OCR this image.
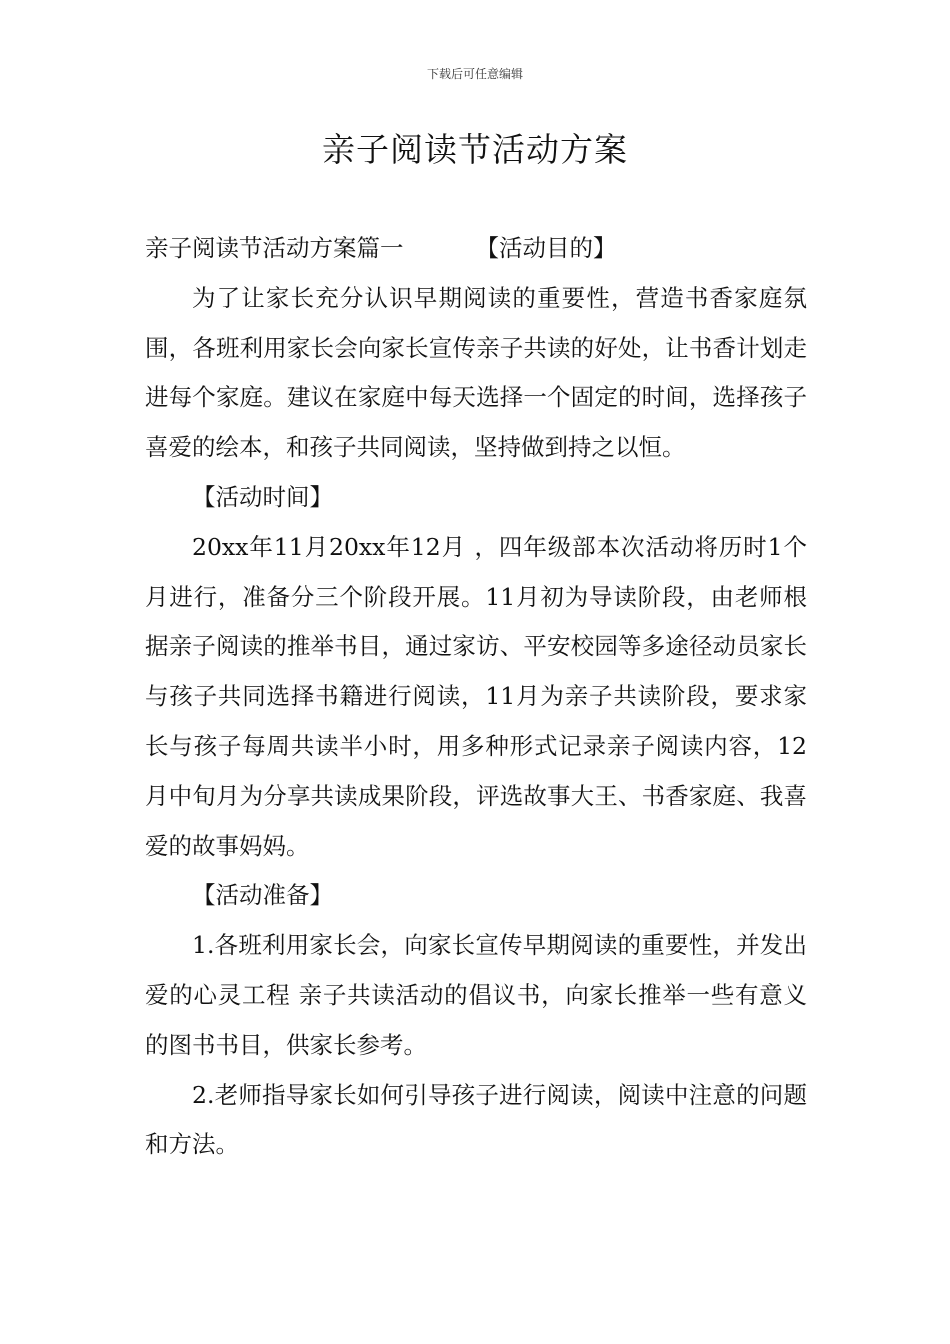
下载后可任意编辑
亲子阅读节活动方案

亲子阅读节活动方案篇一	【活动目的】

为了让家长充分认识早期阅读的重要性，营造书香家庭氛围，各班利用家长会向家长宣传亲子共读的好处，让书香计划走进每个家庭。建议在家庭中每天选择一个固定的时间，选择孩子喜爱的绘本，和孩子共同阅读，坚持做到持之以恒。

【活动时间】

20xx年11月20xx年12月 ，四年级部本次活动将历时1个月进行，准备分三个阶段开展。11月初为导读阶段，由老师根据亲子阅读的推举书目，通过家访、平安校园等多途径动员家长与孩子共同选择书籍进行阅读，11月为亲子共读阶段，要求家长与孩子每周共读半小时，用多种形式记录亲子阅读内容，12月中旬月为分享共读成果阶段，评选故事大王、书香家庭、我喜爱的故事妈妈。

【活动准备】

1.各班利用家长会，向家长宣传早期阅读的重要性，并发出爱的心灵工程 亲子共读活动的倡议书，向家长推举一些有意义的图书书目，供家长参考。

2.老师指导家长如何引导孩子进行阅读，阅读中注意的问题和方法。
